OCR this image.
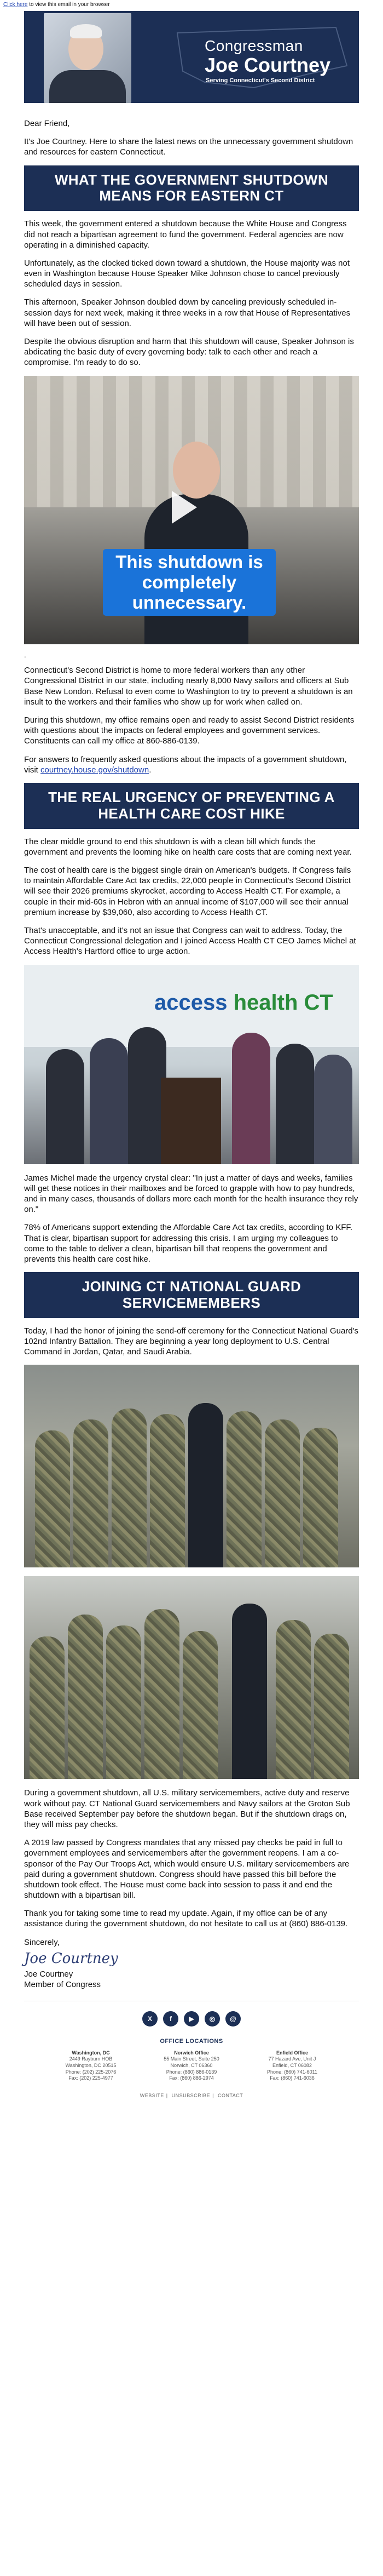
Click here to view this email in your browser
Congressman
Joe Courtney
Serving Connecticut's Second District

Dear Friend,

It's Joe Courtney. Here to share the latest news on the unnecessary government shutdown and resources for eastern Connecticut.

WHAT THE GOVERNMENT SHUTDOWN MEANS FOR EASTERN CT

This week, the government entered a shutdown because the White House and Congress did not reach a bipartisan agreement to fund the government. Federal agencies are now operating in a diminished capacity.

Unfortunately, as the clocked ticked down toward a shutdown, the House majority was not even in Washington because House Speaker Mike Johnson chose to cancel previously scheduled days in session.

This afternoon, Speaker Johnson doubled down by canceling previously scheduled in-session days for next week, making it three weeks in a row that House of Representatives will have been out of session.

Despite the obvious disruption and harm that this shutdown will cause, Speaker Johnson is abdicating the basic duty of every governing body: talk to each other and reach a compromise. I'm ready to do so.

This shutdown is completely unnecessary.

.

Connecticut's Second District is home to more federal workers than any other Congressional District in our state, including nearly 8,000 Navy sailors and officers at Sub Base New London. Refusal to even come to Washington to try to prevent a shutdown is an insult to the workers and their families who show up for work when called on.

During this shutdown, my office remains open and ready to assist Second District residents with questions about the impacts on federal employees and government services. Constituents can call my office at 860-886-0139.

For answers to frequently asked questions about the impacts of a government shutdown, visit courtney.house.gov/shutdown.

THE REAL URGENCY OF PREVENTING A HEALTH CARE COST HIKE

The clear middle ground to end this shutdown is with a clean bill which funds the government and prevents the looming hike on health care costs that are coming next year.

The cost of health care is the biggest single drain on American's budgets. If Congress fails to maintain Affordable Care Act tax credits, 22,000 people in Connecticut's Second District will see their 2026 premiums skyrocket, according to Access Health CT. For example, a couple in their mid-60s in Hebron with an annual income of $107,000 will see their annual premium increase by $39,060, also according to Access Health CT.

That's unacceptable, and it's not an issue that Congress can wait to address. Today, the Connecticut Congressional delegation and I joined Access Health CT CEO James Michel at Access Health's Hartford office to urge action.

access health CT

James Michel made the urgency crystal clear: "In just a matter of days and weeks, families will get these notices in their mailboxes and be forced to grapple with how to pay hundreds, and in many cases, thousands of dollars more each month for the health insurance they rely on."

78% of Americans support extending the Affordable Care Act tax credits, according to KFF. That is clear, bipartisan support for addressing this crisis. I am urging my colleagues to come to the table to deliver a clean, bipartisan bill that reopens the government and prevents this health care cost hike.

JOINING CT NATIONAL GUARD SERVICEMEMBERS

Today, I had the honor of joining the send-off ceremony for the Connecticut National Guard's 102nd Infantry Battalion. They are beginning a year long deployment to U.S. Central Command in Jordan, Qatar, and Saudi Arabia.

During a government shutdown, all U.S. military servicemembers, active duty and reserve work without pay. CT National Guard servicemembers and Navy sailors at the Groton Sub Base received September pay before the shutdown began. But if the shutdown drags on, they will miss pay checks.

A 2019 law passed by Congress mandates that any missed pay checks be paid in full to government employees and servicemembers after the government reopens. I am a co-sponsor of the Pay Our Troops Act, which would ensure U.S. military servicemembers are paid during a government shutdown. Congress should have passed this bill before the shutdown took effect. The House must come back into session to pass it and end the shutdown with a bipartisan bill.

Thank you for taking some time to read my update. Again, if my office can be of any assistance during the government shutdown, do not hesitate to call us at (860) 886-0139.

Sincerely,
Joe Courtney
Joe Courtney
Member of Congress
X	f	▶	◎	@
OFFICE LOCATIONS
Washington, DC
2449 Rayburn HOB
Washington, DC 20515
Phone: (202) 225-2076
Fax: (202) 225-4977
Norwich Office
55 Main Street, Suite 250
Norwich, CT 06360
Phone: (860) 886-0139
Fax: (860) 886-2974
Enfield Office
77 Hazard Ave, Unit J
Enfield, CT 06082
Phone: (860) 741-6011
Fax: (860) 741-6036
WEBSITE | UNSUBSCRIBE | CONTACT
